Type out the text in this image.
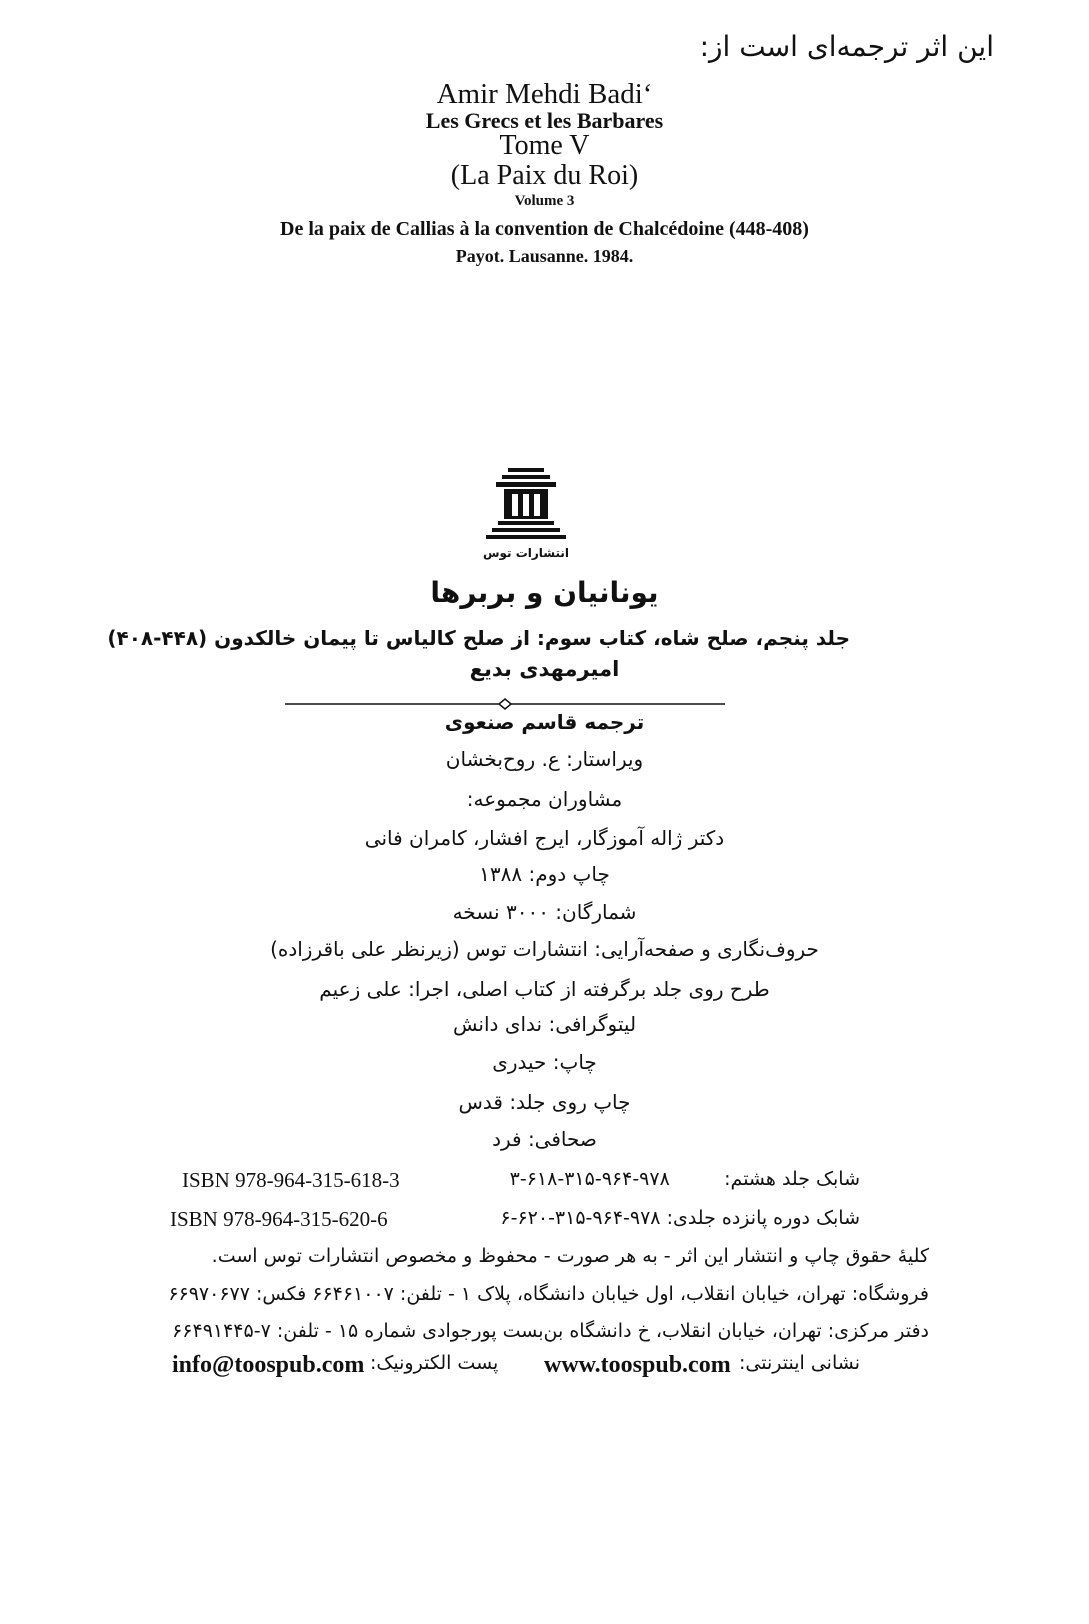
این اثر ترجمه‌ای است از:
Amir Mehdi Badi‘
Les Grecs et les Barbares
Tome V
(La Paix du Roi)
Volume 3
De la paix de Callias à la convention de Chalcédoine (448-408)
Payot. Lausanne. 1984.
انتشارات توس
یونانیان و بربرها
جلد پنجم، صلح شاه، کتاب سوم: از صلح کالیاس تا پیمان خالکدون (۴۴۸-۴۰۸)
امیرمهدی بدیع
ترجمه قاسم صنعوی
ویراستار: ع. روح‌بخشان
مشاوران مجموعه:
دکتر ژاله آموزگار، ایرج افشار، کامران فانی
چاپ دوم: ۱۳۸۸
شمارگان: ۳۰۰۰ نسخه
حروف‌نگاری و صفحه‌آرایی: انتشارات توس (زیرنظر علی باقرزاده)
طرح روی جلد برگرفته از کتاب اصلی، اجرا: علی زعیم
لیتوگرافی: ندای دانش
چاپ: حیدری
چاپ روی جلد: قدس
صحافی: فرد
ISBN 978-964-315-618-3	شابک جلد هشتم:         ۹۷۸-۹۶۴-۳۱۵-۶۱۸-۳
ISBN 978-964-315-620-6	شابک دوره پانزده جلدی: ۹۷۸-۹۶۴-۳۱۵-۶۲۰-۶
کلیهٔ حقوق چاپ و انتشار این اثر - به هر صورت - محفوظ و مخصوص انتشارات توس است.
فروشگاه: تهران، خیابان انقلاب، اول خیابان دانشگاه، پلاک ۱ - تلفن: ۶۶۴۶۱۰۰۷ فکس: ۶۶۹۷۰۶۷۷
دفتر مرکزی: تهران، خیابان انقلاب، خ دانشگاه بن‌بست پورجوادی شماره ۱۵ - تلفن: ۷-۶۶۴۹۱۴۴۵
info@toospub.com پست الکترونیک: www.toospub.com نشانی اینترنتی:
